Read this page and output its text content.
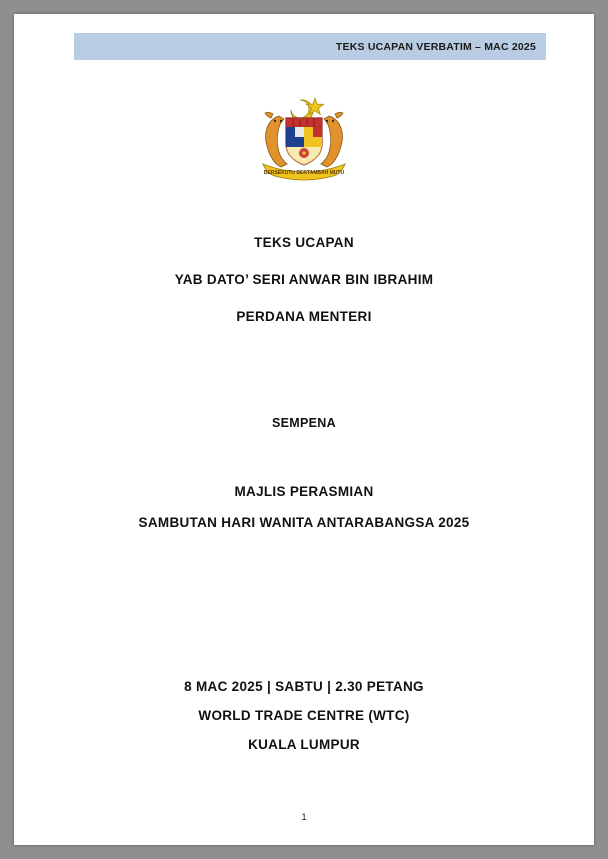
TEKS UCAPAN VERBATIM – MAC 2025
BERSEKUTU BERTAMBAH MUTU
TEKS UCAPAN
YAB DATO’ SERI ANWAR BIN IBRAHIM
PERDANA MENTERI
SEMPENA
MAJLIS PERASMIAN
SAMBUTAN HARI WANITA ANTARABANGSA 2025
8 MAC 2025 | SABTU | 2.30 PETANG
WORLD TRADE CENTRE (WTC)
KUALA LUMPUR
1
